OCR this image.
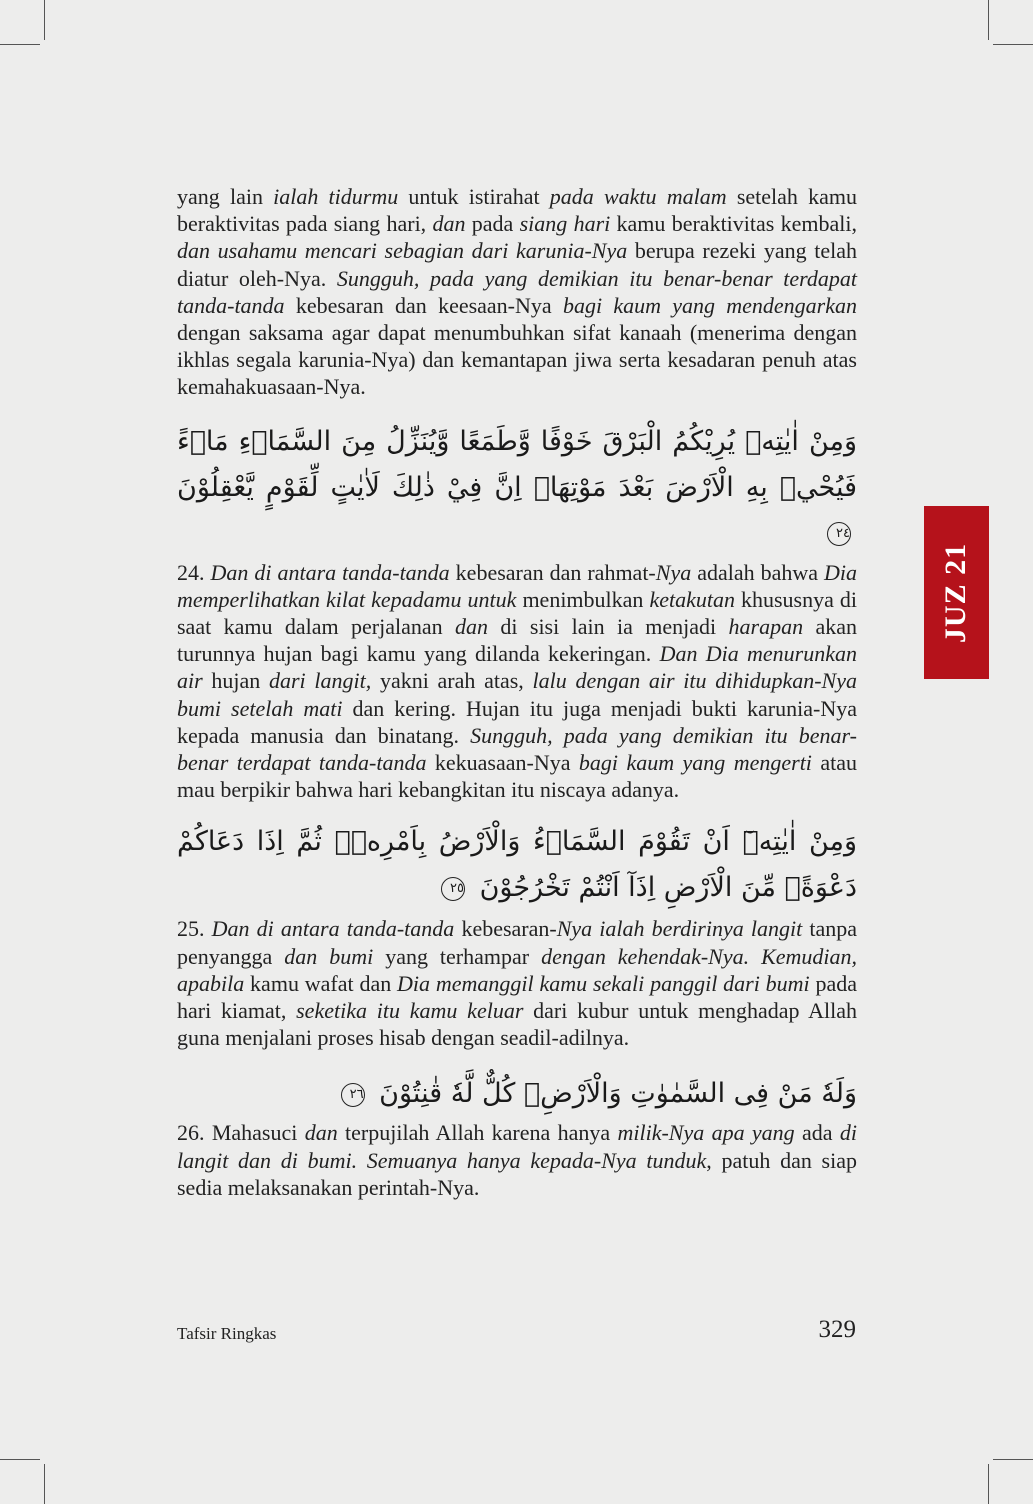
yang lain ialah tidurmu untuk istirahat pada waktu malam setelah kamu beraktivitas pada siang hari, dan pada siang hari kamu beraktivitas kembali, dan usahamu mencari sebagian dari karunia-Nya berupa rezeki yang telah diatur oleh-Nya. Sungguh, pada yang demikian itu benar-benar terdapat tanda-tanda kebesaran dan keesaan-Nya bagi kaum yang mendengarkan dengan saksama agar dapat menumbuhkan sifat kanaah (menerima dengan ikhlas segala karunia-Nya) dan kemantapan jiwa serta kesadaran penuh atas kemahakuasaan-Nya.

وَمِنْ اٰيٰتِهٖ يُرِيْكُمُ الْبَرْقَ خَوْفًا وَّطَمَعًا وَّيُنَزِّلُ مِنَ السَّمَاۤءِ مَاۤءً فَيُحْيٖ بِهِ الْاَرْضَ بَعْدَ مَوْتِهَاۗ اِنَّ فِيْ ذٰلِكَ لَاٰيٰتٍ لِّقَوْمٍ يَّعْقِلُوْنَ ٢٤

24. Dan di antara tanda-tanda kebesaran dan rahmat-Nya adalah bahwa Dia memperlihatkan kilat kepadamu untuk menimbulkan ketakutan khususnya di saat kamu dalam perjalanan dan di sisi lain ia menjadi harapan akan turunnya hujan bagi kamu yang dilanda kekeringan. Dan Dia menurunkan air hujan dari langit, yakni arah atas, lalu dengan air itu dihidupkan-Nya bumi setelah mati dan kering. Hujan itu juga menjadi bukti karunia-Nya kepada manusia dan binatang. Sungguh, pada yang demikian itu benar-benar terdapat tanda-tanda kekuasaan-Nya bagi kaum yang mengerti atau mau berpikir bahwa hari kebangkitan itu niscaya adanya.

وَمِنْ اٰيٰتِهٖٓ اَنْ تَقُوْمَ السَّمَاۤءُ وَالْاَرْضُ بِاَمْرِهٖۗ ثُمَّ اِذَا دَعَاكُمْ دَعْوَةًۖ مِّنَ الْاَرْضِ اِذَآ اَنْتُمْ تَخْرُجُوْنَ ٢٥

25. Dan di antara tanda-tanda kebesaran-Nya ialah berdirinya langit tanpa penyangga dan bumi yang terhampar dengan kehendak-Nya. Kemudian, apabila kamu wafat dan Dia memanggil kamu sekali panggil dari bumi pada hari kiamat, seketika itu kamu keluar dari kubur untuk menghadap Allah guna menjalani proses hisab dengan seadil-adilnya.

وَلَهٗ مَنْ فِى السَّمٰوٰتِ وَالْاَرْضِۗ كُلٌّ لَّهٗ قٰنِتُوْنَ ٢٦

26. Mahasuci dan terpujilah Allah karena hanya milik-Nya apa yang ada di langit dan di bumi. Semuanya hanya kepada-Nya tunduk, patuh dan siap sedia melaksanakan perintah-Nya.

JUZ 21
Tafsir Ringkas	329
